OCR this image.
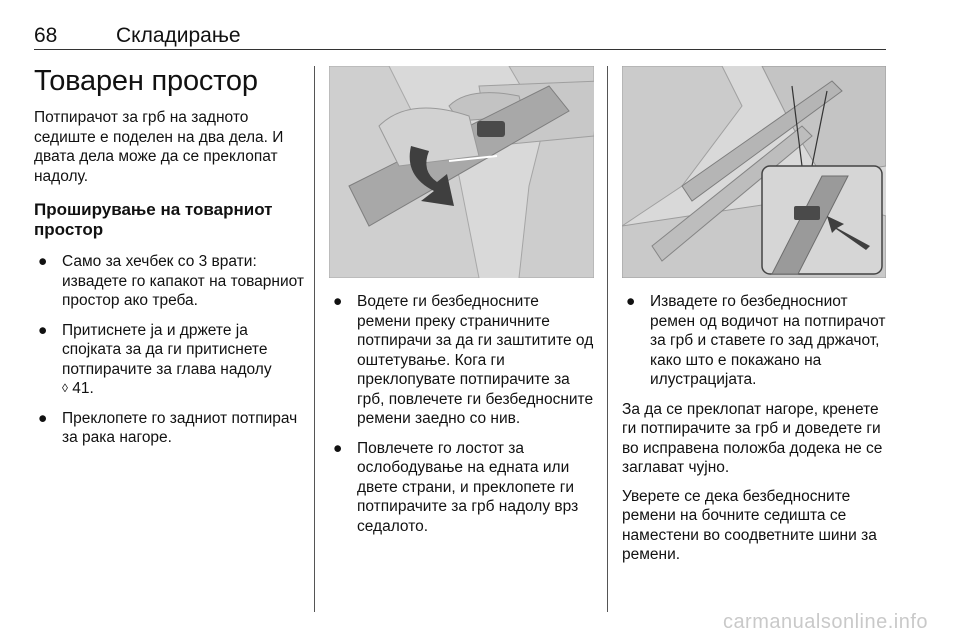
68	Складирање
Товарен простор

Потпирачот за грб на задното седиште е поделен на два дела. И двата дела може да се преклопат надолу.

Проширување на товарниот простор
● Само за хечбек со 3 врати: извадете го капакот на товарниот простор ако треба.
● Притиснете ја и држете ја спојката за да ги притиснете потпирачите за глава надолу
◊ 41.
● Преклопете го задниот потпирач за рака нагоре.
● Водете ги безбедносните ремени преку страничните потпирачи за да ги заштитите од оштетување. Кога ги преклопувате потпирачите за грб, повлечете ги безбедносните ремени заедно со нив.
● Повлечете го лостот за ослободување на едната или двете страни, и преклопете ги потпирачите за грб надолу врз седалото.
● Извадете го безбедносниот ремен од водичот на потпирачот за грб и ставете го зад држачот, како што е покажано на илустрацијата.

За да се преклопат нагоре, кренете ги потпирачите за грб и доведете ги во исправена положба додека не се заглават чујно.

Уверете се дека безбедносните ремени на бочните седишта се наместени во соодветните шини за ремени.

carmanualsonline.info
